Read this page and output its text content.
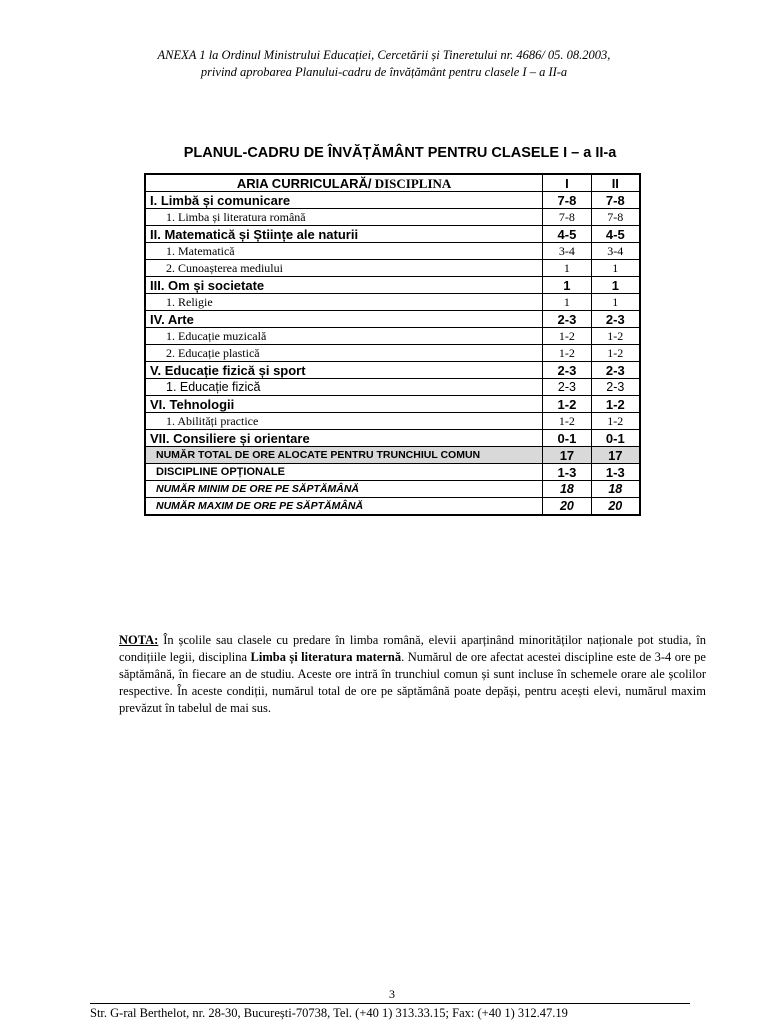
ANEXA 1 la Ordinul Ministrului Educației, Cercetării și Tineretului nr. 4686/ 05. 08.2003,
privind aprobarea Planului-cadru de învățământ pentru clasele I – a II-a
PLANUL-CADRU DE ÎNVĂȚĂMÂNT PENTRU CLASELE I – a II-a
ARIA CURRICULARĂ/ DISCIPLINA	I	II
I. Limbă și comunicare	7-8	7-8
1. Limba și literatura română	7-8	7-8
II. Matematică și Științe ale naturii	4-5	4-5
1. Matematică	3-4	3-4
2. Cunoașterea mediului	1	1
III. Om și societate	1	1
1. Religie	1	1
IV. Arte	2-3	2-3
1. Educație muzicală	1-2	1-2
2. Educație plastică	1-2	1-2
V. Educație fizică și sport	2-3	2-3
1. Educație fizică	2-3	2-3
VI. Tehnologii	1-2	1-2
1. Abilități practice	1-2	1-2
VII. Consiliere și orientare	0-1	0-1
NUMĂR TOTAL DE ORE ALOCATE PENTRU TRUNCHIUL COMUN	17	17
DISCIPLINE OPȚIONALE	1-3	1-3
NUMĂR MINIM DE ORE PE SĂPTĂMÂNĂ	18	18
NUMĂR MAXIM DE ORE PE SĂPTĂMÂNĂ	20	20
NOTA: În școlile sau clasele cu predare în limba română, elevii aparținând minorităților naționale pot studia, în condițiile legii, disciplina Limba și literatura maternă. Numărul de ore afectat acestei discipline este de 3-4 ore pe săptămână, în fiecare an de studiu. Aceste ore intră în trunchiul comun și sunt incluse în schemele orare ale școlilor respective. În aceste condiții, numărul total de ore pe săptămână poate depăși, pentru acești elevi, numărul maxim prevăzut în tabelul de mai sus.
3
Str. G-ral Berthelot, nr. 28-30, București-70738, Tel. (+40 1) 313.33.15; Fax: (+40 1) 312.47.19
